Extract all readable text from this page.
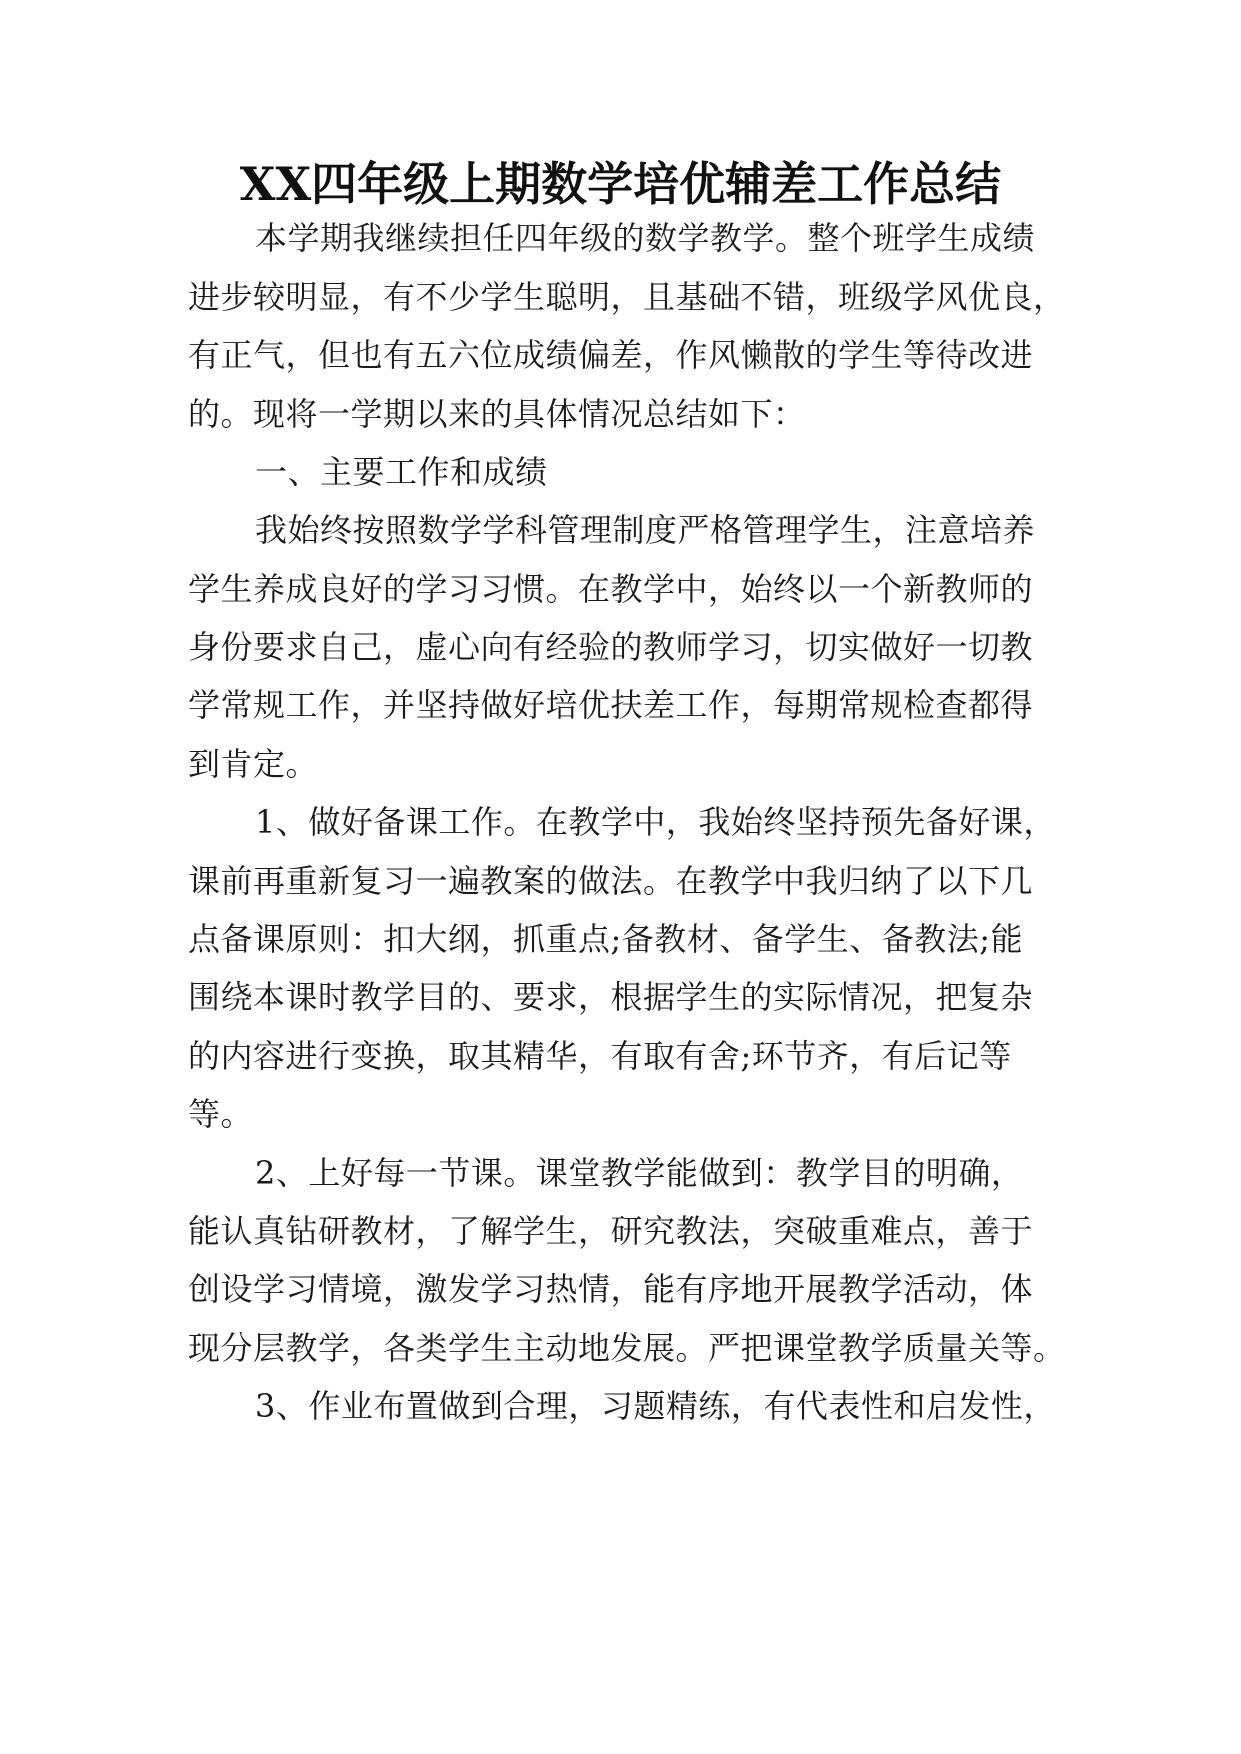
XX四年级上期数学培优辅差工作总结
本学期我继续担任四年级的数学教学。整个班学生成绩
进步较明显，有不少学生聪明，且基础不错，班级学风优良，
有正气，但也有五六位成绩偏差，作风懒散的学生等待改进
的。现将一学期以来的具体情况总结如下：
一、主要工作和成绩
我始终按照数学学科管理制度严格管理学生，注意培养
学生养成良好的学习习惯。在教学中，始终以一个新教师的
身份要求自己，虚心向有经验的教师学习，切实做好一切教
学常规工作，并坚持做好培优扶差工作，每期常规检查都得
到肯定。
1、做好备课工作。在教学中，我始终坚持预先备好课，
课前再重新复习一遍教案的做法。在教学中我归纳了以下几
点备课原则：扣大纲，抓重点;备教材、备学生、备教法;能
围绕本课时教学目的、要求，根据学生的实际情况，把复杂
的内容进行变换，取其精华，有取有舍;环节齐，有后记等
等。
2、上好每一节课。课堂教学能做到：教学目的明确，
能认真钻研教材，了解学生，研究教法，突破重难点，善于
创设学习情境，激发学习热情，能有序地开展教学活动，体
现分层教学，各类学生主动地发展。严把课堂教学质量关等。
3、作业布置做到合理，习题精练，有代表性和启发性，
